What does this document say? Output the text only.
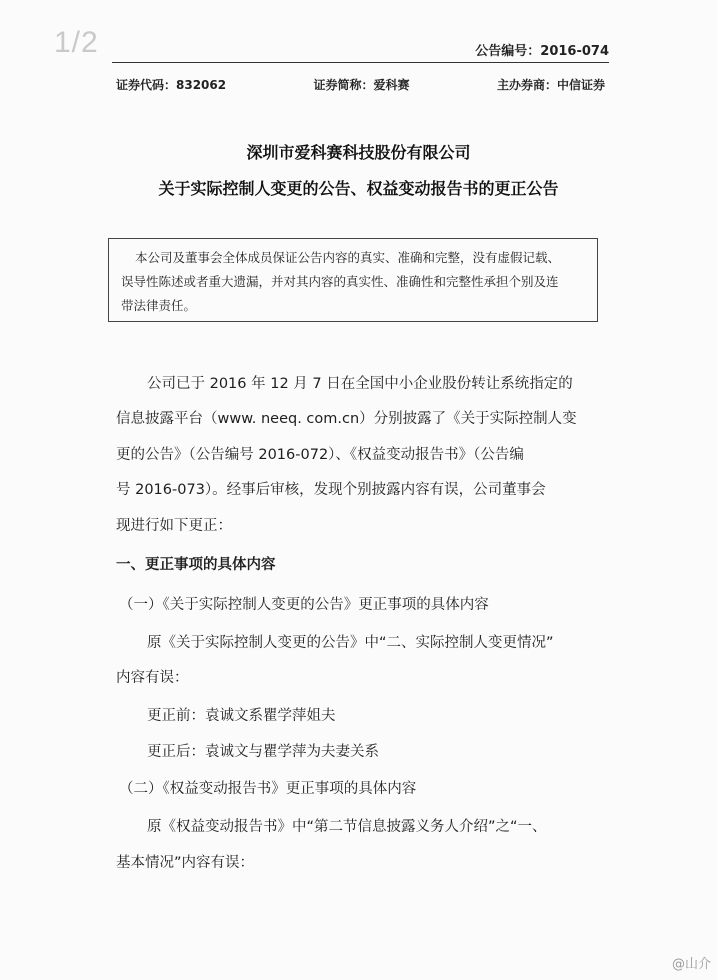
1/2	公告编号：2016-074
证券代码：832062	证券简称：爱科赛	主办券商：中信证券
深圳市爱科赛科技股份有限公司
关于实际控制人变更的公告、权益变动报告书的更正公告
本公司及董事会全体成员保证公告内容的真实、准确和完整，没有虚假记载、
误导性陈述或者重大遗漏，并对其内容的真实性、准确性和完整性承担个别及连
带法律责任。
公司已于 2016 年 12 月 7 日在全国中小企业股份转让系统指定的
信息披露平台（www. neeq. com.cn）分别披露了《关于实际控制人变
更的公告》（公告编号 2016-072）、《权益变动报告书》（公告编
号 2016-073）。经事后审核，发现个别披露内容有误，公司董事会
现进行如下更正：
一、更正事项的具体内容
（一）《关于实际控制人变更的公告》更正事项的具体内容
原《关于实际控制人变更的公告》中“二、实际控制人变更情况”
内容有误：
更正前：袁诚文系瞿学萍姐夫
更正后：袁诚文与瞿学萍为夫妻关系
（二）《权益变动报告书》更正事项的具体内容
原《权益变动报告书》中“第二节信息披露义务人介绍”之“一、
基本情况”内容有误：
@山介
